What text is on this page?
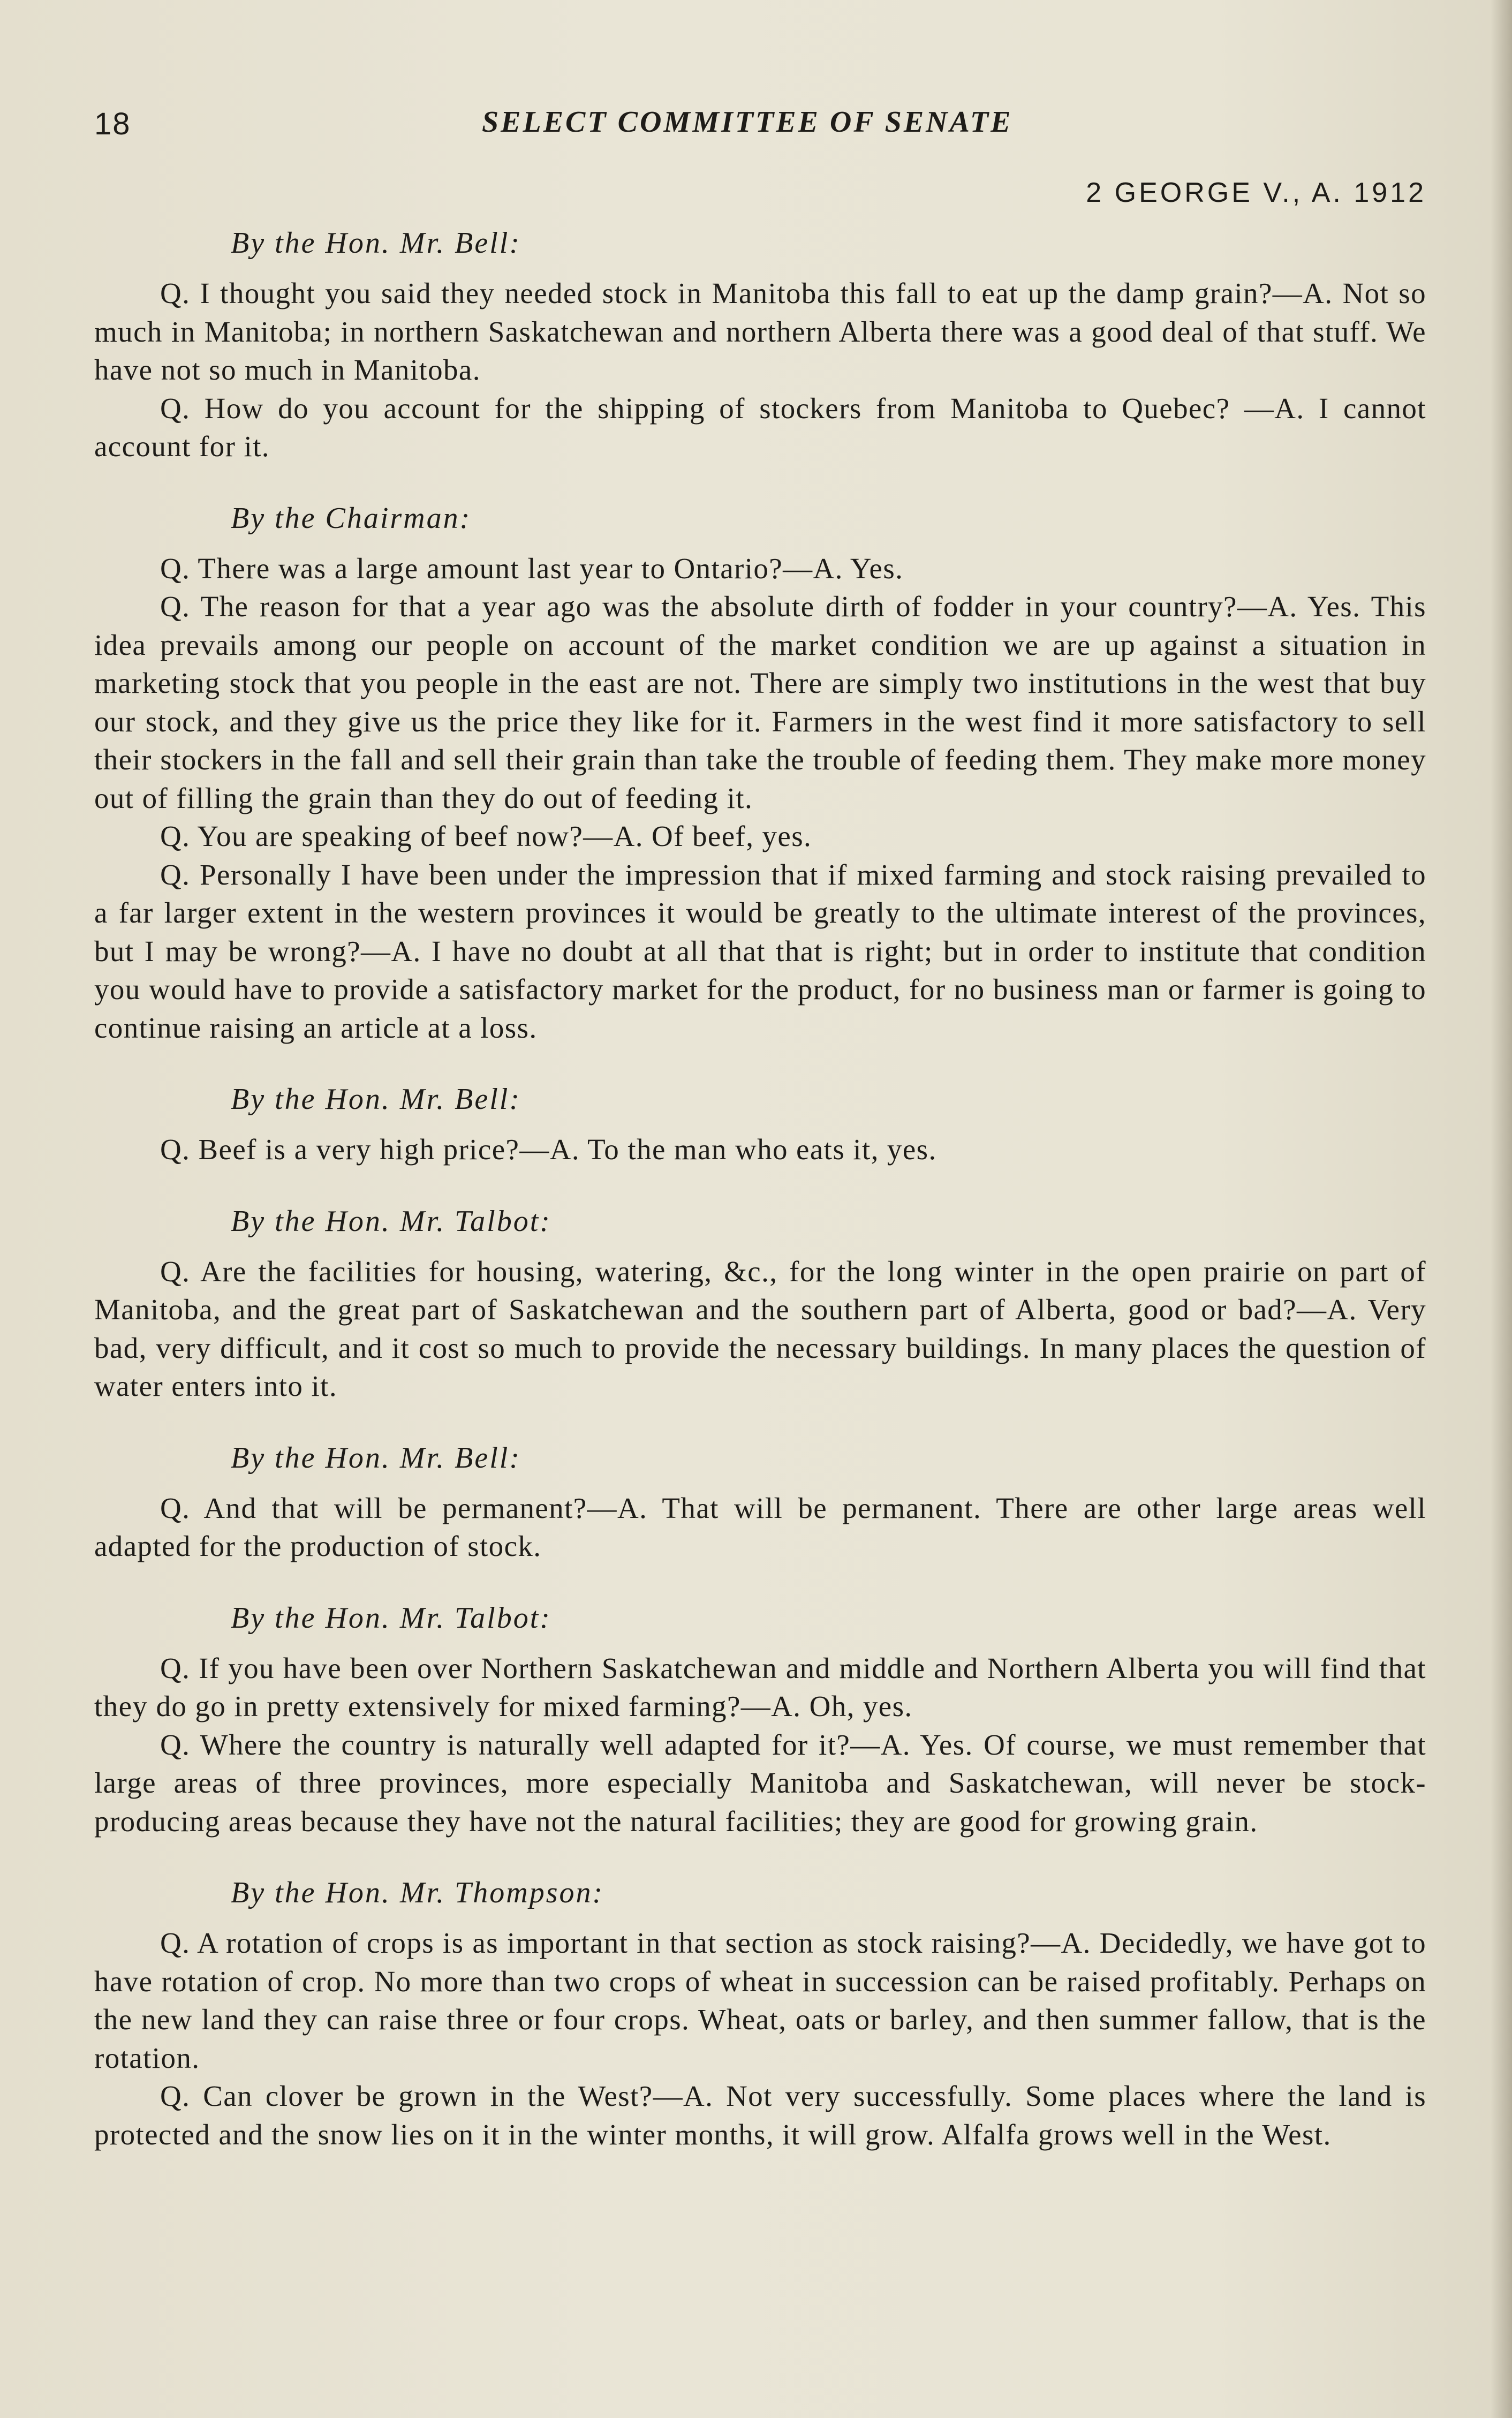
18	SELECT COMMITTEE OF SENATE
2 GEORGE V., A. 1912
By the Hon. Mr. Bell:

Q. I thought you said they needed stock in Manitoba this fall to eat up the damp grain?—A. Not so much in Manitoba; in northern Saskatchewan and northern Alberta there was a good deal of that stuff. We have not so much in Manitoba.

Q. How do you account for the shipping of stockers from Manitoba to Quebec? —A. I cannot account for it.

By the Chairman:

Q. There was a large amount last year to Ontario?—A. Yes.

Q. The reason for that a year ago was the absolute dirth of fodder in your country?—A. Yes. This idea prevails among our people on account of the market condition we are up against a situation in marketing stock that you people in the east are not. There are simply two institutions in the west that buy our stock, and they give us the price they like for it. Farmers in the west find it more satisfactory to sell their stockers in the fall and sell their grain than take the trouble of feeding them. They make more money out of filling the grain than they do out of feeding it.

Q. You are speaking of beef now?—A. Of beef, yes.

Q. Personally I have been under the impression that if mixed farming and stock raising prevailed to a far larger extent in the western provinces it would be greatly to the ultimate interest of the provinces, but I may be wrong?—A. I have no doubt at all that that is right; but in order to institute that condition you would have to provide a satisfactory market for the product, for no business man or farmer is going to continue raising an article at a loss.

By the Hon. Mr. Bell:

Q. Beef is a very high price?—A. To the man who eats it, yes.

By the Hon. Mr. Talbot:

Q. Are the facilities for housing, watering, &c., for the long winter in the open prairie on part of Manitoba, and the great part of Saskatchewan and the southern part of Alberta, good or bad?—A. Very bad, very difficult, and it cost so much to provide the necessary buildings. In many places the question of water enters into it.

By the Hon. Mr. Bell:

Q. And that will be permanent?—A. That will be permanent. There are other large areas well adapted for the production of stock.

By the Hon. Mr. Talbot:

Q. If you have been over Northern Saskatchewan and middle and Northern Alberta you will find that they do go in pretty extensively for mixed farming?—A. Oh, yes.

Q. Where the country is naturally well adapted for it?—A. Yes. Of course, we must remember that large areas of three provinces, more especially Manitoba and Saskatchewan, will never be stock-producing areas because they have not the natural facilities; they are good for growing grain.

By the Hon. Mr. Thompson:

Q. A rotation of crops is as important in that section as stock raising?—A. Decidedly, we have got to have rotation of crop. No more than two crops of wheat in succession can be raised profitably. Perhaps on the new land they can raise three or four crops. Wheat, oats or barley, and then summer fallow, that is the rotation.

Q. Can clover be grown in the West?—A. Not very successfully. Some places where the land is protected and the snow lies on it in the winter months, it will grow. Alfalfa grows well in the West.
